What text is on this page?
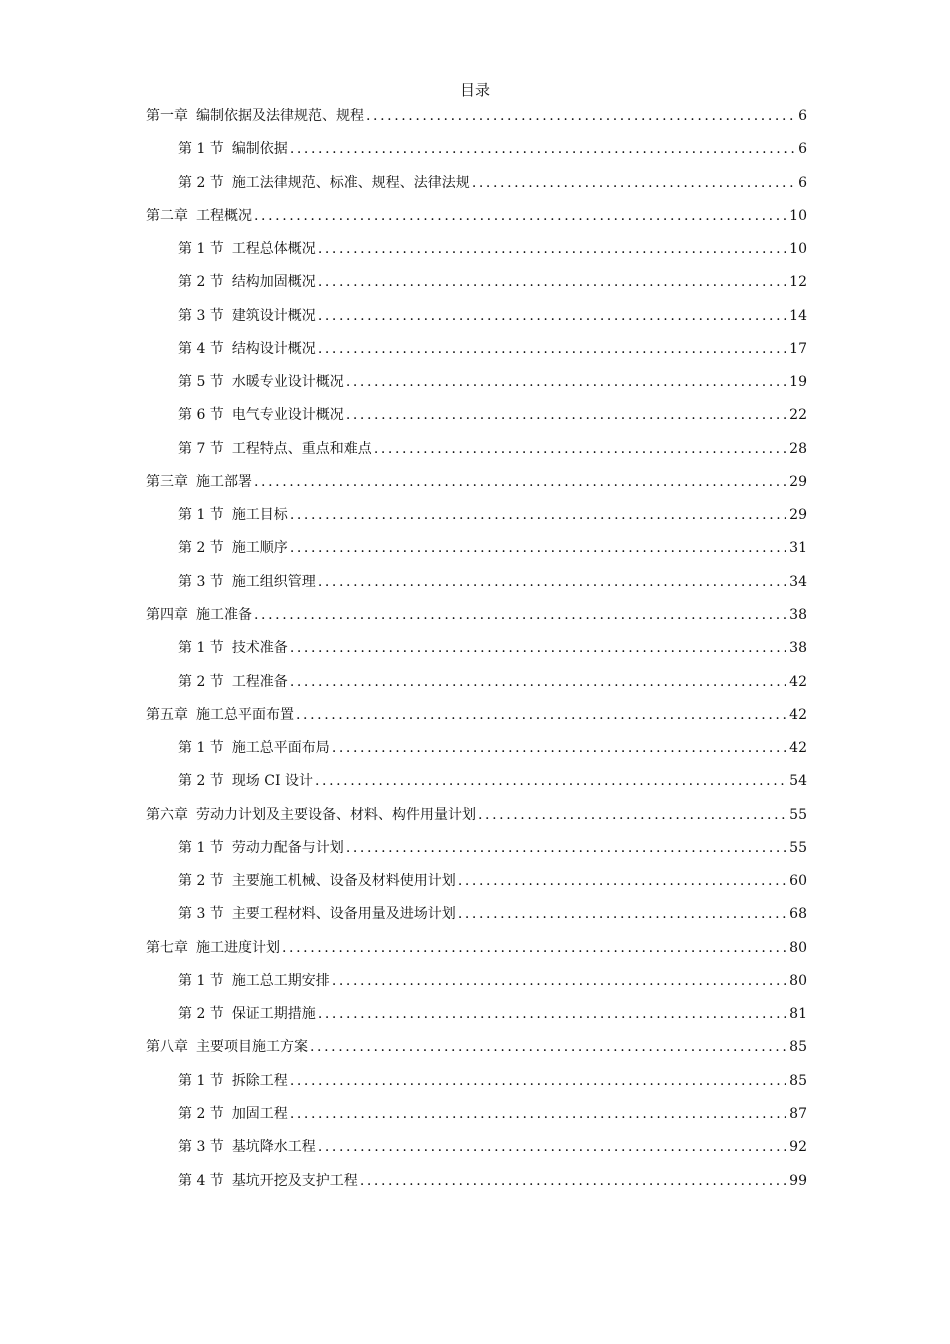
目录
第一章 编制依据及法律规范、规程 .....	6
第 1 节 编制依据 .....	6
第 2 节 施工法律规范、标准、规程、法律法规 .....	6
第二章 工程概况 .....	10
第 1 节 工程总体概况 .....	10
第 2 节 结构加固概况 .....	12
第 3 节 建筑设计概况 .....	14
第 4 节 结构设计概况 .....	17
第 5 节 水暖专业设计概况 .....	19
第 6 节 电气专业设计概况 .....	22
第 7 节 工程特点、重点和难点 .....	28
第三章 施工部署 .....	29
第 1 节 施工目标 .....	29
第 2 节 施工顺序 .....	31
第 3 节 施工组织管理 .....	34
第四章 施工准备 .....	38
第 1 节 技术准备 .....	38
第 2 节 工程准备 .....	42
第五章 施工总平面布置 .....	42
第 1 节 施工总平面布局 .....	42
第 2 节 现场 CI 设计 .....	54
第六章 劳动力计划及主要设备、材料、构件用量计划 .....	55
第 1 节 劳动力配备与计划 .....	55
第 2 节 主要施工机械、设备及材料使用计划 .....	60
第 3 节 主要工程材料、设备用量及进场计划 .....	68
第七章 施工进度计划 .....	80
第 1 节 施工总工期安排 .....	80
第 2 节 保证工期措施 .....	81
第八章 主要项目施工方案 .....	85
第 1 节 拆除工程 .....	85
第 2 节 加固工程 .....	87
第 3 节 基坑降水工程 .....	92
第 4 节 基坑开挖及支护工程 .....	99
